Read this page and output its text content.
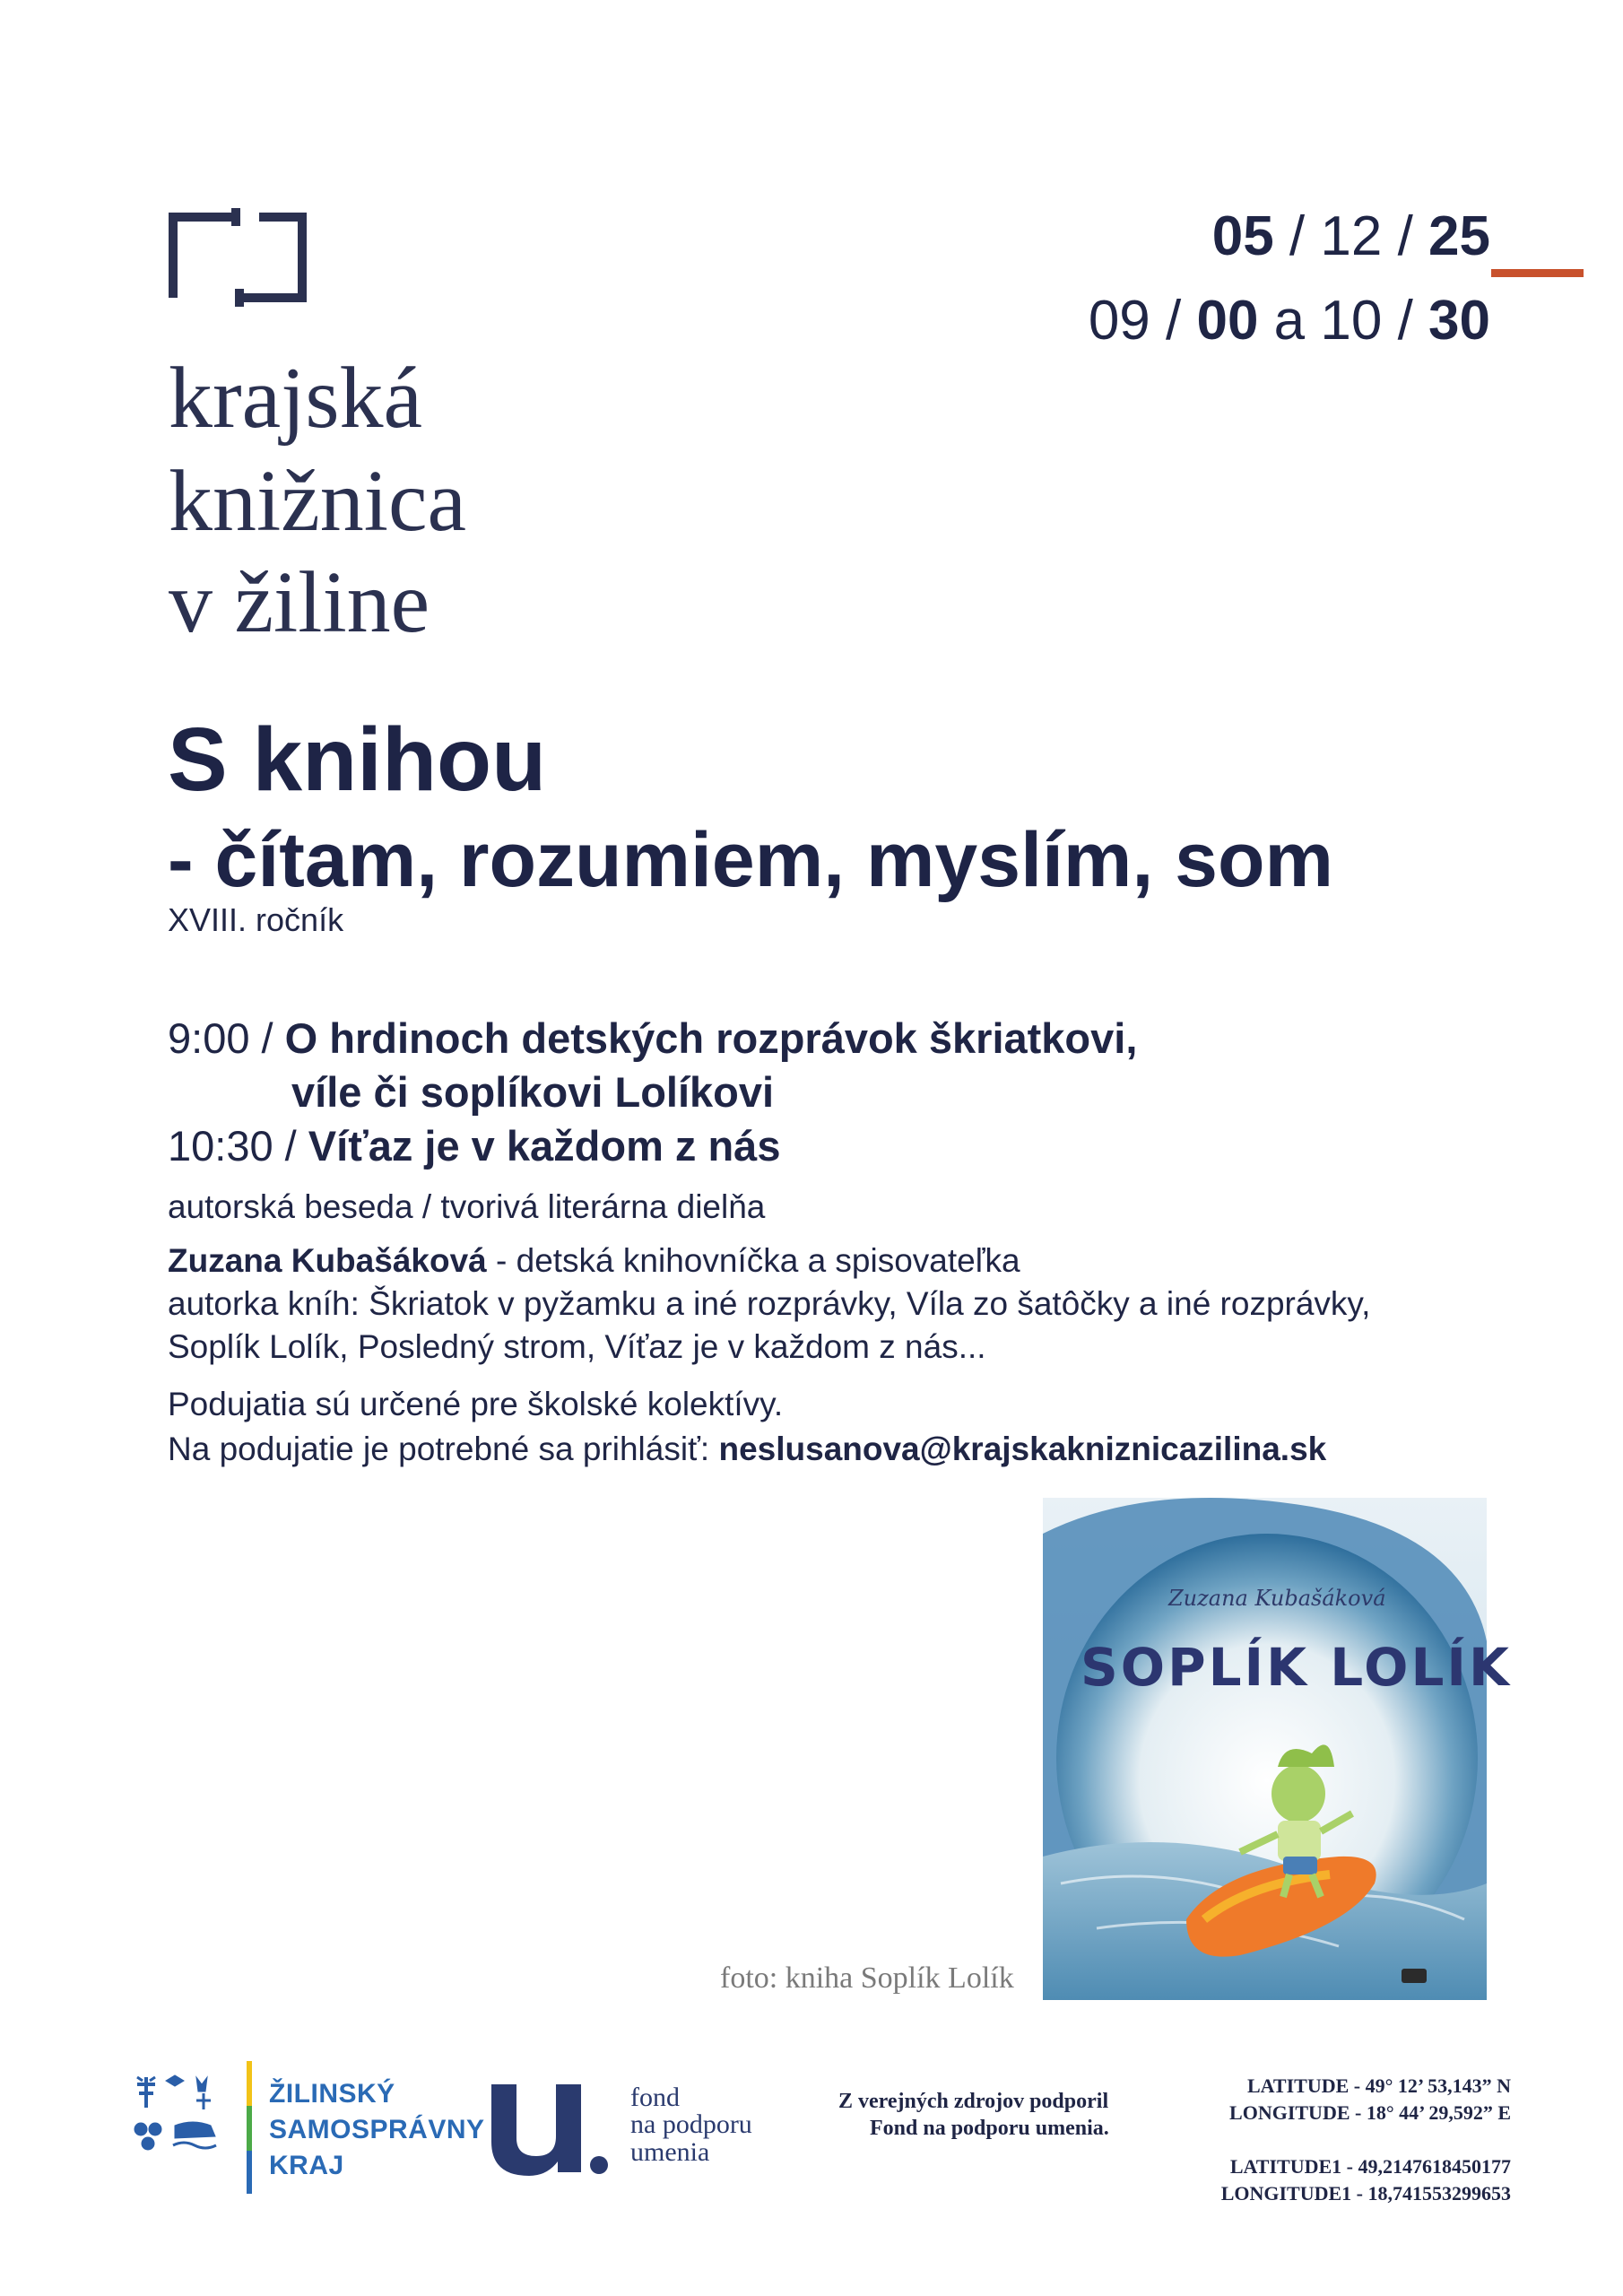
krajská
knižnica
v žiline
05 / 12 / 25
09 / 00 a 10 / 30
S knihou
- čítam, rozumiem, myslím, som
XVIII. ročník
9:00 / O hrdinoch detských rozprávok škriatkovi,
víle či soplíkovi Lolíkovi
10:30 / Víťaz je v každom z nás
autorská beseda / tvorivá literárna dielňa
Zuzana Kubašáková - detská knihovníčka a spisovateľka
autorka kníh: Škriatok v pyžamku a iné rozprávky, Víla zo šatôčky a iné rozprávky,
Soplík Lolík, Posledný strom, Víťaz je v každom z nás...
Podujatia sú určené pre školské kolektívy.
Na podujatie je potrebné sa prihlásiť: neslusanova@krajskakniznicazilina.sk
Zuzana Kubašáková
SOPLÍK LOLÍK
foto: kniha Soplík Lolík
ŽILINSKÝ
SAMOSPRÁVNY
KRAJ
fond
na podporu
umenia
Z verejných zdrojov podporil
Fond na podporu umenia.
LATITUDE - 49° 12’ 53,143” N
LONGITUDE - 18° 44’ 29,592” E
LATITUDE1 - 49,2147618450177
LONGITUDE1 - 18,741553299653
